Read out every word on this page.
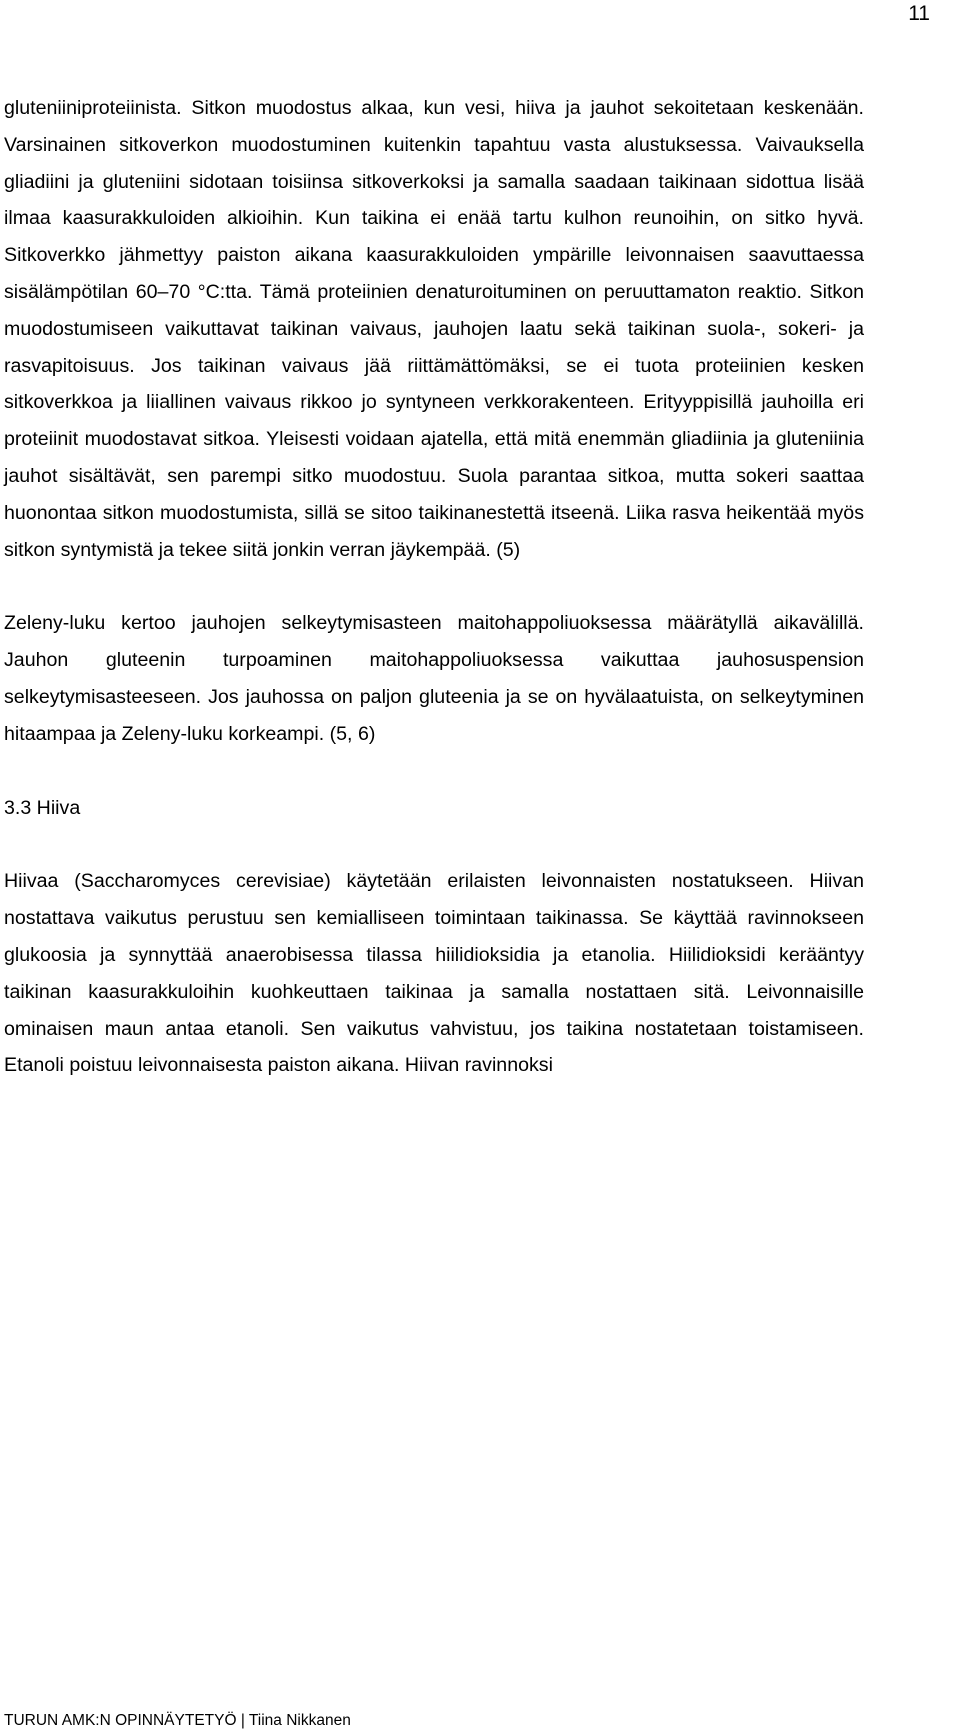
11

gluteniiniproteiinista. Sitkon muodostus alkaa, kun vesi, hiiva ja jauhot sekoitetaan keskenään. Varsinainen sitkoverkon muodostuminen kuitenkin tapahtuu vasta alustuksessa. Vaivauksella gliadiini ja gluteniini sidotaan toisiinsa sitkoverkoksi ja samalla saadaan taikinaan sidottua lisää ilmaa kaasurakkuloiden alkioihin. Kun taikina ei enää tartu kulhon reunoihin, on sitko hyvä. Sitkoverkko jähmettyy paiston aikana kaasurakkuloiden ympärille leivonnaisen saavuttaessa sisälämpötilan 60–70 °C:tta. Tämä proteiinien denaturoituminen on peruuttamaton reaktio. Sitkon muodostumiseen vaikuttavat taikinan vaivaus, jauhojen laatu sekä taikinan suola-, sokeri- ja rasvapitoisuus. Jos taikinan vaivaus jää riittämättömäksi, se ei tuota proteiinien kesken sitkoverkkoa ja liiallinen vaivaus rikkoo jo syntyneen verkkorakenteen. Erityyppisillä jauhoilla eri proteiinit muodostavat sitkoa. Yleisesti voidaan ajatella, että mitä enemmän gliadiinia ja gluteniinia jauhot sisältävät, sen parempi sitko muodostuu. Suola parantaa sitkoa, mutta sokeri saattaa huonontaa sitkon muodostumista, sillä se sitoo taikinanestettä itseenä. Liika rasva heikentää myös sitkon syntymistä ja tekee siitä jonkin verran jäykempää. (5)

Zeleny-luku kertoo jauhojen selkeytymisasteen maitohappoliuoksessa määrätyllä aikavälillä. Jauhon gluteenin turpoaminen maitohappoliuoksessa vaikuttaa jauhosuspension selkeytymisasteeseen. Jos jauhossa on paljon gluteenia ja se on hyvälaatuista, on selkeytyminen hitaampaa ja Zeleny-luku korkeampi. (5, 6)

3.3 Hiiva

Hiivaa (Saccharomyces cerevisiae) käytetään erilaisten leivonnaisten nostatukseen. Hiivan nostattava vaikutus perustuu sen kemialliseen toimintaan taikinassa. Se käyttää ravinnokseen glukoosia ja synnyttää anaerobisessa tilassa hiilidioksidia ja etanolia. Hiilidioksidi kerääntyy taikinan kaasurakkuloihin kuohkeuttaen taikinaa ja samalla nostattaen sitä. Leivonnaisille ominaisen maun antaa etanoli. Sen vaikutus vahvistuu, jos taikina nostatetaan toistamiseen. Etanoli poistuu leivonnaisesta paiston aikana. Hiivan ravinnoksi

TURUN AMK:N OPINNÄYTETYÖ | Tiina Nikkanen
